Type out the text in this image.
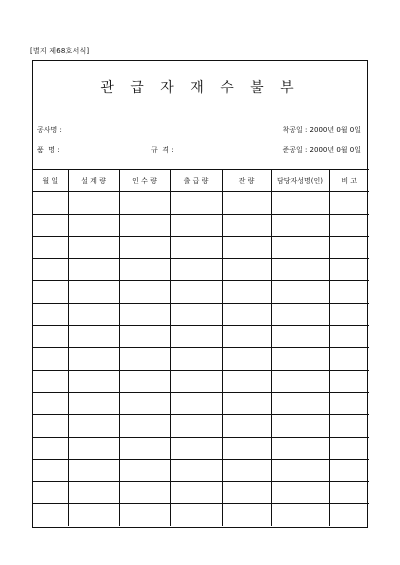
[별지 제68호서식]
관 급 자 재 수 불 부
공사명 :	착공일 : 2000년 0월 0일
품  명 :	규  격 :	준공일 : 2000년 0월 0일
월 일	설 계 량	인 수 량	출 급 량	잔 량	담당자성명(인)	비 고
